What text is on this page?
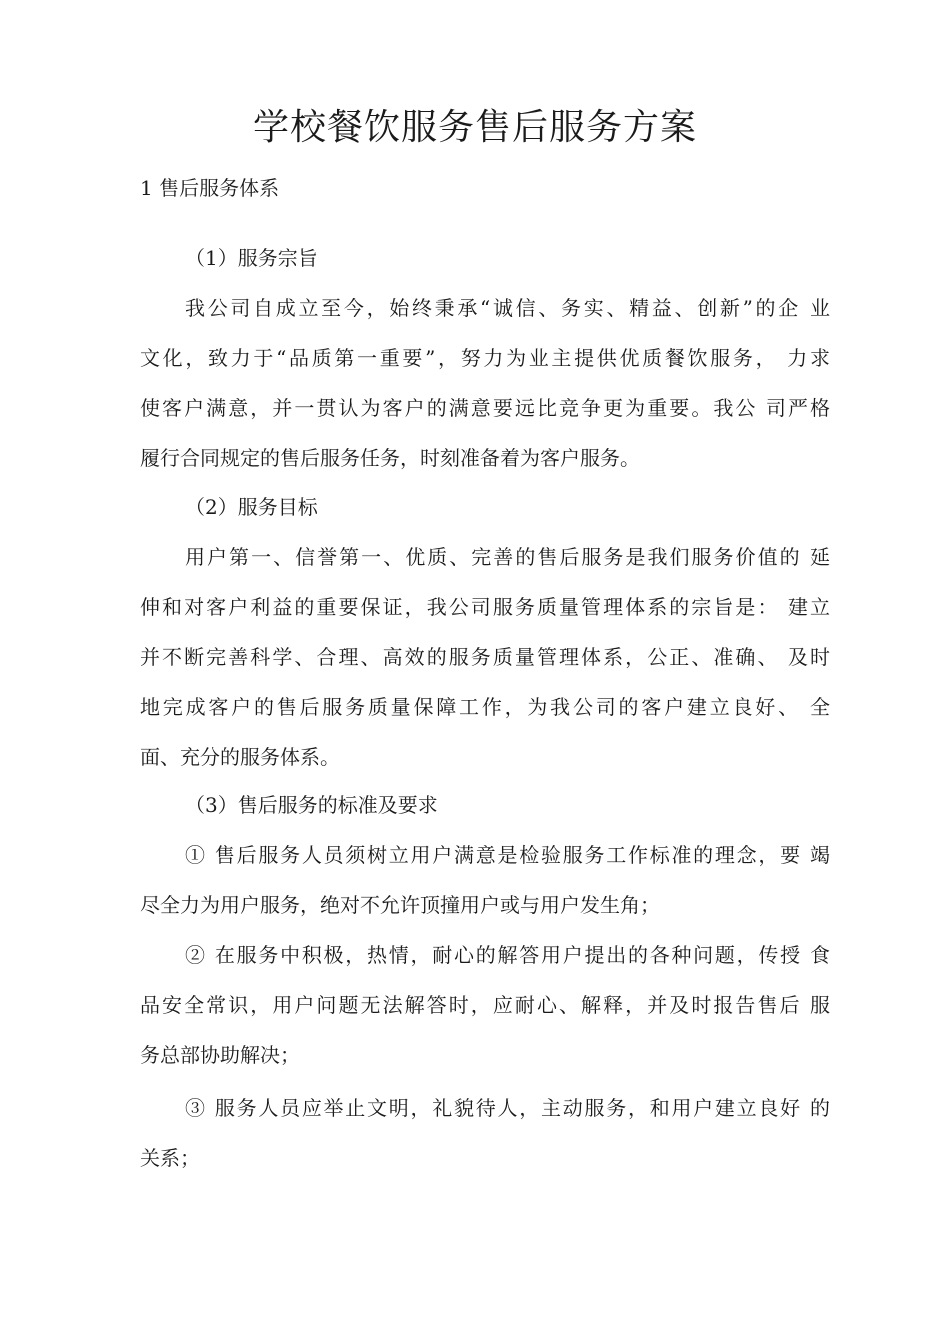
学校餐饮服务售后服务方案
1 售后服务体系
（1）服务宗旨
我公司自成立至今，始终秉承“诚信、务实、精益、创新”的企 业
文化，致力于“品质第一重要”，努力为业主提供优质餐饮服务， 力求
使客户满意，并一贯认为客户的满意要远比竞争更为重要。我公 司严格
履行合同规定的售后服务任务，时刻准备着为客户服务。
（2）服务目标
用户第一、信誉第一、优质、完善的售后服务是我们服务价值的 延
伸和对客户利益的重要保证，我公司服务质量管理体系的宗旨是： 建立
并不断完善科学、合理、高效的服务质量管理体系，公正、准确、 及时
地完成客户的售后服务质量保障工作，为我公司的客户建立良好、 全
面、充分的服务体系。
（3）售后服务的标准及要求
① 售后服务人员须树立用户满意是检验服务工作标准的理念，要 竭
尽全力为用户服务，绝对不允许顶撞用户或与用户发生角；
② 在服务中积极，热情，耐心的解答用户提出的各种问题，传授 食
品安全常识，用户问题无法解答时，应耐心、解释，并及时报告售后 服
务总部协助解决；
③ 服务人员应举止文明，礼貌待人，主动服务，和用户建立良好 的
关系；
